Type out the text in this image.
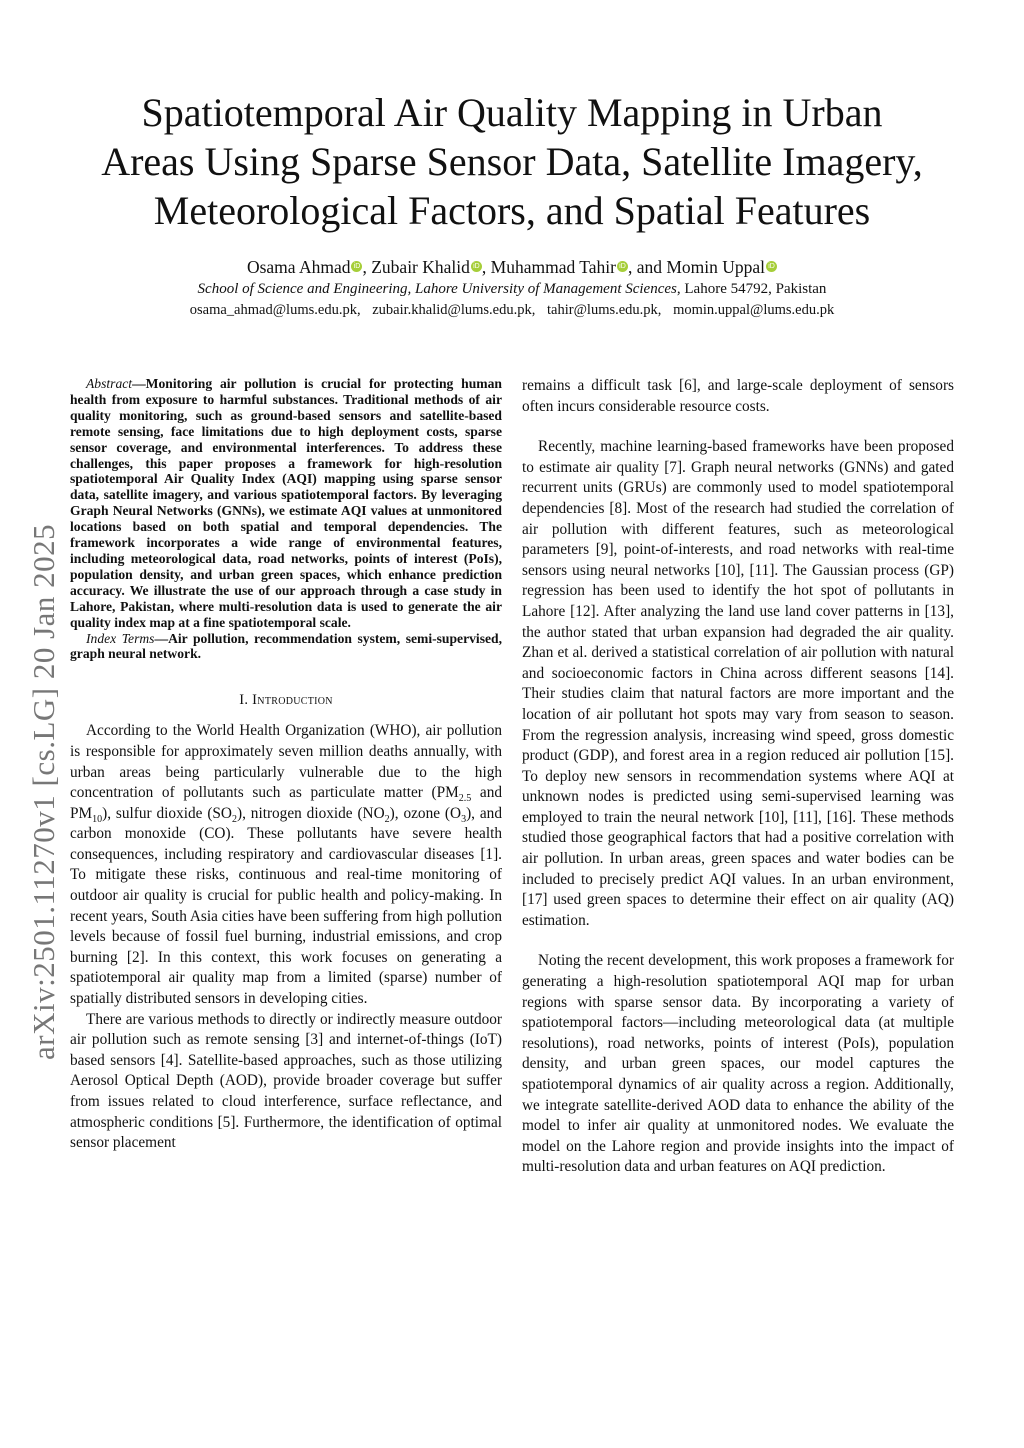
arXiv:2501.11270v1 [cs.LG] 20 Jan 2025
Spatiotemporal Air Quality Mapping in Urban
Areas Using Sparse Sensor Data, Satellite Imagery,
Meteorological Factors, and Spatial Features
Osama Ahmad iD , Zubair Khalid iD , Muhammad Tahir iD , and Momin Uppal iD
School of Science and Engineering, Lahore University of Management Sciences, Lahore 54792, Pakistan
osama_ahmad@lums.edu.pk, zubair.khalid@lums.edu.pk, tahir@lums.edu.pk, momin.uppal@lums.edu.pk

Abstract—Monitoring air pollution is crucial for protecting human health from exposure to harmful substances. Traditional methods of air quality monitoring, such as ground-based sensors and satellite-based remote sensing, face limitations due to high deployment costs, sparse sensor coverage, and environmental interferences. To address these challenges, this paper proposes a framework for high-resolution spatiotemporal Air Quality Index (AQI) mapping using sparse sensor data, satellite imagery, and various spatiotemporal factors. By leveraging Graph Neural Networks (GNNs), we estimate AQI values at unmonitored locations based on both spatial and temporal dependencies. The framework incorporates a wide range of environmental features, including meteorological data, road networks, points of interest (PoIs), population density, and urban green spaces, which enhance prediction accuracy. We illustrate the use of our approach through a case study in Lahore, Pakistan, where multi-resolution data is used to generate the air quality index map at a fine spatiotemporal scale.

Index Terms—Air pollution, recommendation system, semi-supervised, graph neural network.

I. Introduction

According to the World Health Organization (WHO), air pollution is responsible for approximately seven million deaths annually, with urban areas being particularly vulnerable due to the high concentration of pollutants such as particulate matter ($PM_{2.5}$ and $PM_{10}$), sulfur dioxide $(SO_2)$, nitrogen dioxide $(NO_2)$, ozone $(O_3)$, and carbon monoxide (CO). These pollutants have severe health consequences, including respiratory and cardiovascular diseases [1]. To mitigate these risks, continuous and real-time monitoring of outdoor air quality is crucial for public health and policy-making. In recent years, South Asia cities have been suffering from high pollution levels because of fossil fuel burning, industrial emissions, and crop burning [2]. In this context, this work focuses on generating a spatiotemporal air quality map from a limited (sparse) number of spatially distributed sensors in developing cities.

There are various methods to directly or indirectly measure outdoor air pollution such as remote sensing [3] and internet-of-things (IoT) based sensors [4]. Satellite-based approaches, such as those utilizing Aerosol Optical Depth (AOD), provide broader coverage but suffer from issues related to cloud interference, surface reflectance, and atmospheric conditions [5]. Furthermore, the identification of optimal sensor placement

remains a difficult task [6], and large-scale deployment of sensors often incurs considerable resource costs.

Recently, machine learning-based frameworks have been proposed to estimate air quality [7]. Graph neural networks (GNNs) and gated recurrent units (GRUs) are commonly used to model spatiotemporal dependencies [8]. Most of the research had studied the correlation of air pollution with different features, such as meteorological parameters [9], point-of-interests, and road networks with real-time sensors using neural networks [10], [11]. The Gaussian process (GP) regression has been used to identify the hot spot of pollutants in Lahore [12]. After analyzing the land use land cover patterns in [13], the author stated that urban expansion had degraded the air quality. Zhan et al. derived a statistical correlation of air pollution with natural and socioeconomic factors in China across different seasons [14]. Their studies claim that natural factors are more important and the location of air pollutant hot spots may vary from season to season. From the regression analysis, increasing wind speed, gross domestic product (GDP), and forest area in a region reduced air pollution [15]. To deploy new sensors in recommendation systems where AQI at unknown nodes is predicted using semi-supervised learning was employed to train the neural network [10], [11], [16]. These methods studied those geographical factors that had a positive correlation with air pollution. In urban areas, green spaces and water bodies can be included to precisely predict AQI values. In an urban environment, [17] used green spaces to determine their effect on air quality (AQ) estimation.

Noting the recent development, this work proposes a framework for generating a high-resolution spatiotemporal AQI map for urban regions with sparse sensor data. By incorporating a variety of spatiotemporal factors—including meteorological data (at multiple resolutions), road networks, points of interest (PoIs), population density, and urban green spaces, our model captures the spatiotemporal dynamics of air quality across a region. Additionally, we integrate satellite-derived AOD data to enhance the ability of the model to infer air quality at unmonitored nodes. We evaluate the model on the Lahore region and provide insights into the impact of multi-resolution data and urban features on AQI prediction.
